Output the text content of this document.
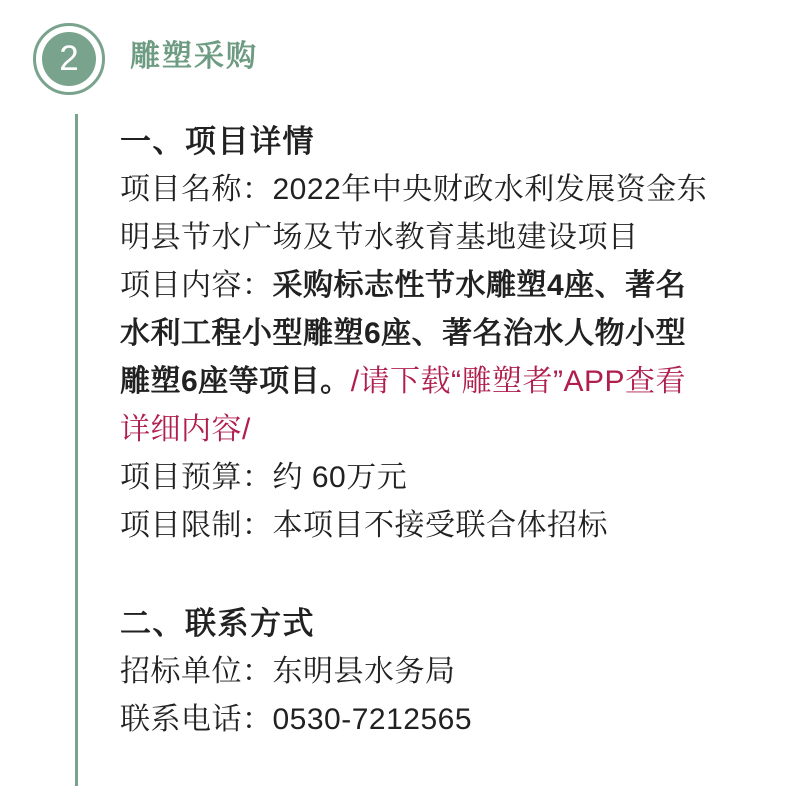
2 雕塑采购
一、项目详情
项目名称：2022年中央财政水利发展资金东
明县节水广场及节水教育基地建设项目
项目内容：采购标志性节水雕塑4座、著名
水利工程小型雕塑6座、著名治水人物小型
雕塑6座等项目。/请下载“雕塑者”APP查看
详细内容/
项目预算：约 60万元
项目限制：本项目不接受联合体招标
二、联系方式
招标单位：东明县水务局
联系电话：0530-7212565
